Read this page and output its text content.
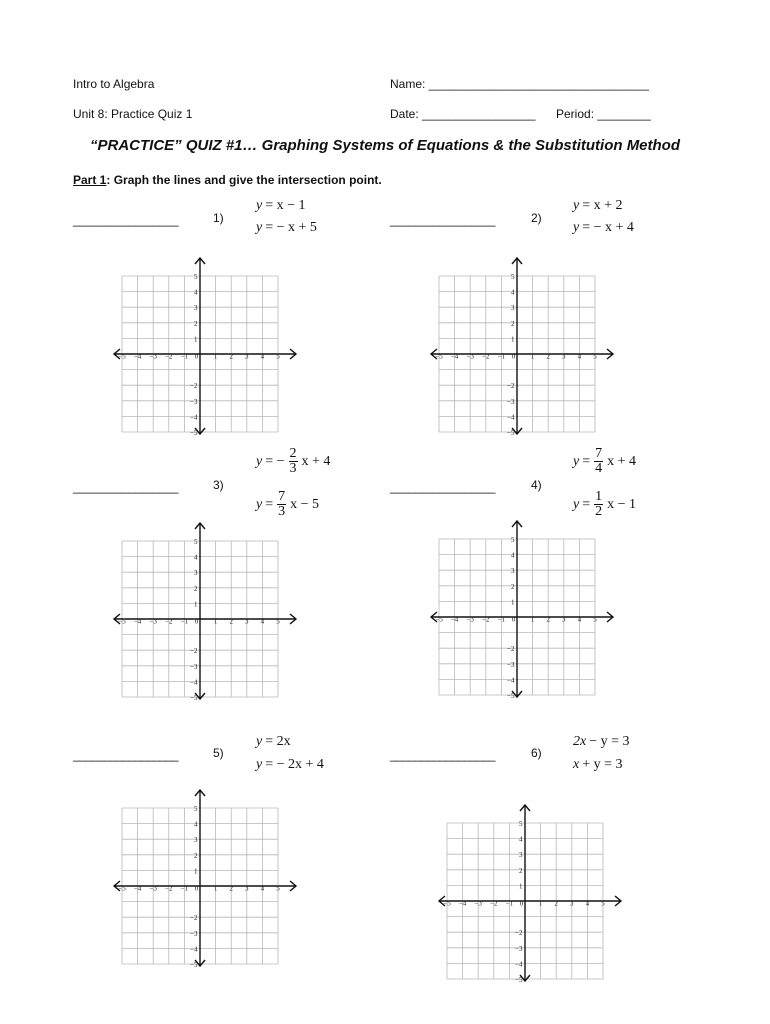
Intro to Algebra	Name: _________________________________
Unit 8: Practice Quiz 1	Date: _________________ Period: ________
“PRACTICE” QUIZ #1… Graphing Systems of Equations & the Substitution Method
Part 1: Graph the lines and give the intersection point.
_________________	1)
y = x − 1
y = − x + 5
−5 −4 −3 −2 −1 0 1 2 3 4 5
5
4
3
2
1
−2
−3
−4
−5
_________________	2)
y = x + 2
y = − x + 4
−5 −4 −3 −2 −1 0 1 2 3 4 5
5
4
3
2
1
−2
−3
−4
−5
_________________	3)
y = − $\frac{2}{3}$ x + 4
$y = \frac{7}{3}$ x − 5
−5 −4 −3 −2 −1 0 1 2 3 4 5
5
4
3
2
1
−2
−3
−4
−5
_________________	4)
$y = \frac{7}{4}$ x + 4
$y = \frac{1}{2}$ x − 1
−5 −4 −3 −2 −1 0 1 2 3 4 5
5
4
3
2
1
−2
−3
−4
−5
_________________	5)
y = 2x
y = − 2x + 4
−5 −4 −3 −2 −1 0 1 2 3 4 5
5
4
3
2
1
−2
−3
−4
−5
_________________	6)
2x − y = 3
x + y = 3
−5 −4 −3 −2 −1 0 1 2 3 4 5
5
4
3
2
1
−2
−3
−4
−5
